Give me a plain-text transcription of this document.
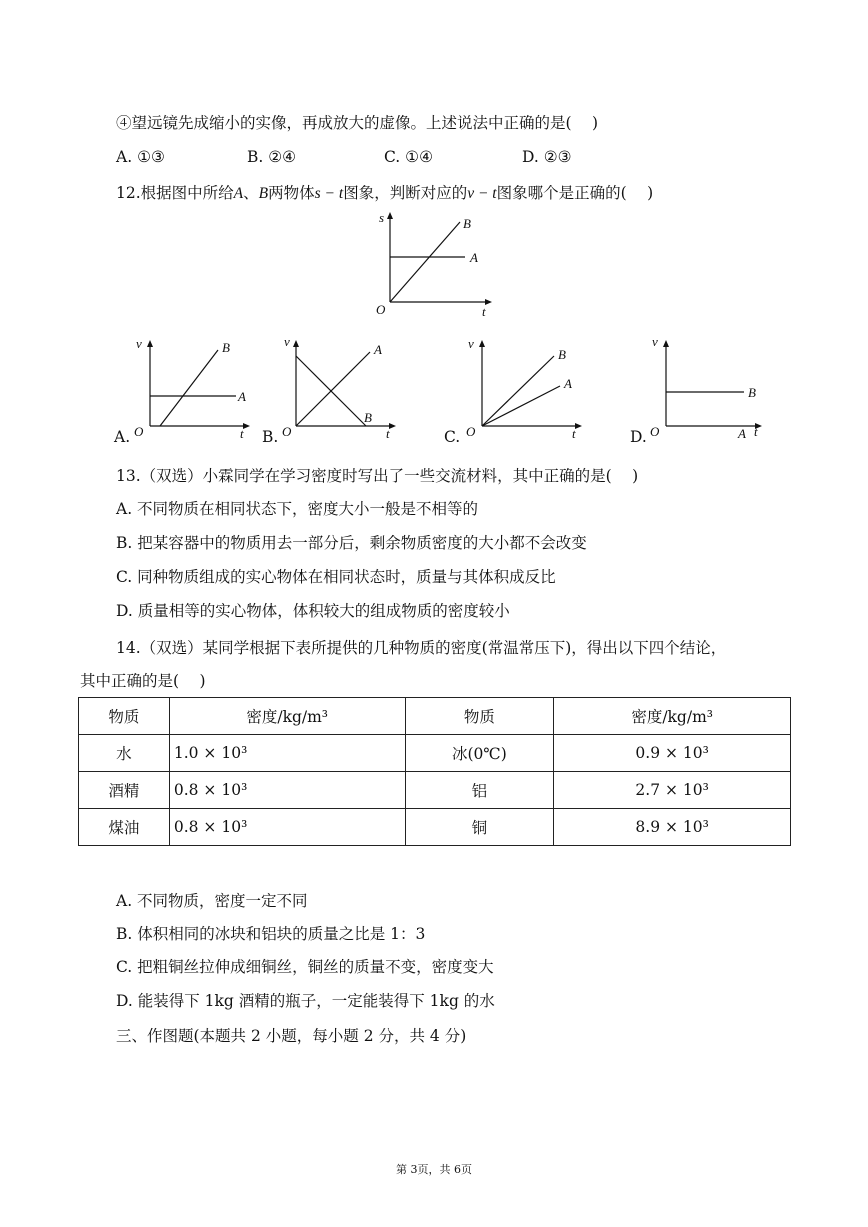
④望远镜先成缩小的实像，再成放大的虚像。上述说法中正确的是(　 )
A. ①③	B. ②④	C. ①④	D. ②③
12.根据图中所给A、B两物体s − t图象，判断对应的v − t图象哪个是正确的(　 )
s
t
O
B
A
A.
v
t
O
B
A
B.
v
t
O
A
B
C.
v
t
O
B
A
D.
v
t
O
B
A
13.（双选）小霖同学在学习密度时写出了一些交流材料，其中正确的是(　 )
A. 不同物质在相同状态下，密度大小一般是不相等的
B. 把某容器中的物质用去一部分后，剩余物质密度的大小都不会改变
C. 同种物质组成的实心物体在相同状态时，质量与其体积成反比
D. 质量相等的实心物体，体积较大的组成物质的密度较小
14.（双选）某同学根据下表所提供的几种物质的密度(常温常压下)，得出以下四个结论，
其中正确的是(　 )
物质	密度/kg/m³	物质	密度/kg/m³
水	1.0 × 10³	冰(0℃)	0.9 × 10³
酒精	0.8 × 10³	铝	2.7 × 10³
煤油	0.8 × 10³	铜	8.9 × 10³
A. 不同物质，密度一定不同
B. 体积相同的冰块和铝块的质量之比是 1：3
C. 把粗铜丝拉伸成细铜丝，铜丝的质量不变，密度变大
D. 能装得下 1kg 酒精的瓶子，一定能装得下 1kg 的水
三、作图题(本题共 2 小题，每小题 2 分，共 4 分)
第 3页，共 6页
